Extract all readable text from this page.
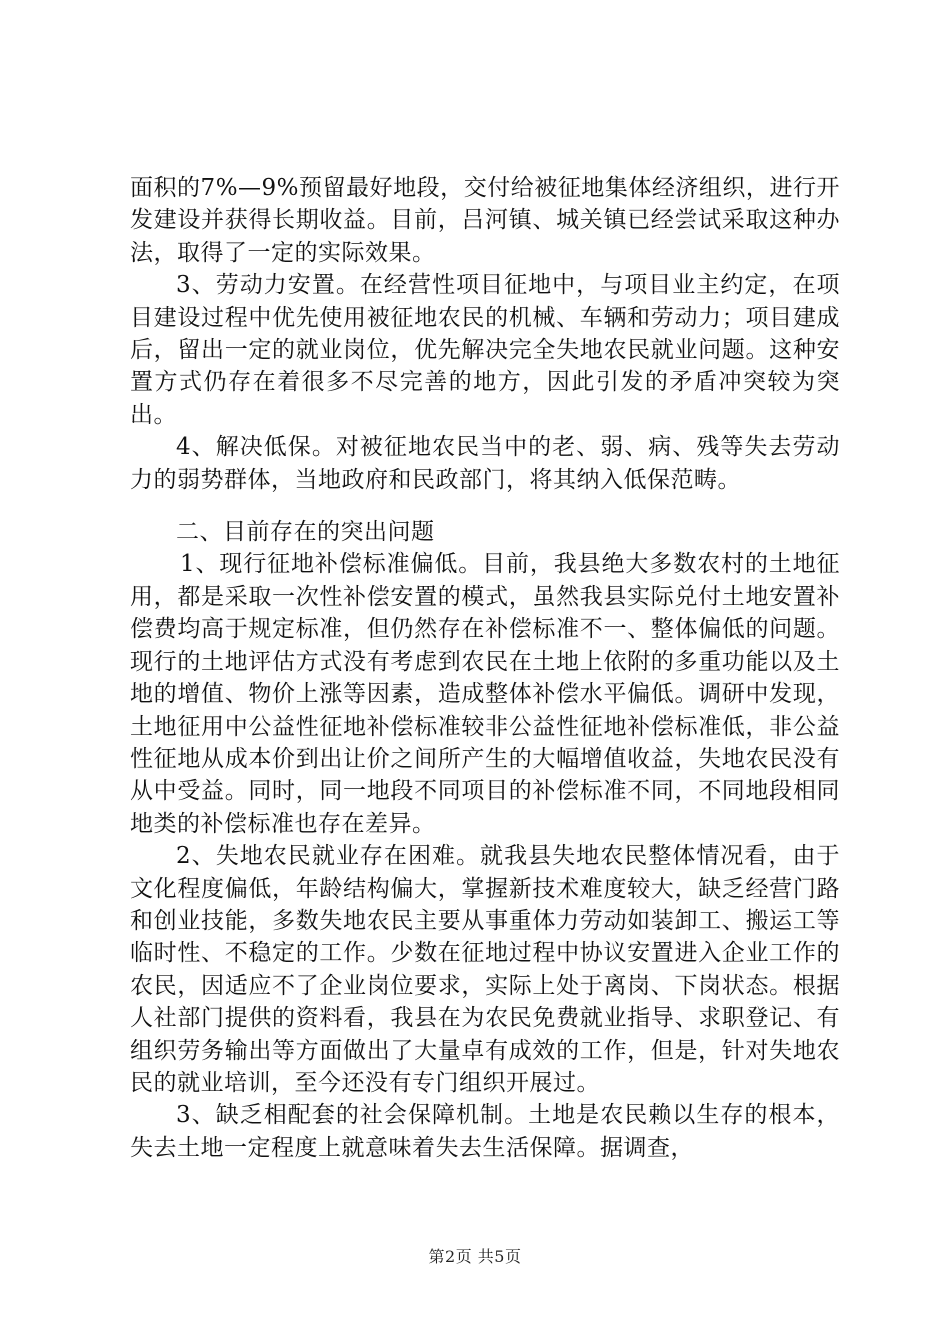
面积的7%—9%预留最好地段，交付给被征地集体经济组织，进行开发建设并获得长期收益。目前，吕河镇、城关镇已经尝试采取这种办法，取得了一定的实际效果。

3、劳动力安置。在经营性项目征地中，与项目业主约定，在项目建设过程中优先使用被征地农民的机械、车辆和劳动力；项目建成后，留出一定的就业岗位，优先解决完全失地农民就业问题。这种安置方式仍存在着很多不尽完善的地方，因此引发的矛盾冲突较为突出。

4、解决低保。对被征地农民当中的老、弱、病、残等失去劳动力的弱势群体，当地政府和民政部门，将其纳入低保范畴。

二、目前存在的突出问题

1、现行征地补偿标准偏低。目前，我县绝大多数农村的土地征用，都是采取一次性补偿安置的模式，虽然我县实际兑付土地安置补偿费均高于规定标准，但仍然存在补偿标准不一、整体偏低的问题。现行的土地评估方式没有考虑到农民在土地上依附的多重功能以及土地的增值、物价上涨等因素，造成整体补偿水平偏低。调研中发现，土地征用中公益性征地补偿标准较非公益性征地补偿标准低，非公益性征地从成本价到出让价之间所产生的大幅增值收益，失地农民没有从中受益。同时，同一地段不同项目的补偿标准不同，不同地段相同地类的补偿标准也存在差异。

2、失地农民就业存在困难。就我县失地农民整体情况看，由于文化程度偏低，年龄结构偏大，掌握新技术难度较大，缺乏经营门路和创业技能，多数失地农民主要从事重体力劳动如装卸工、搬运工等临时性、不稳定的工作。少数在征地过程中协议安置进入企业工作的农民，因适应不了企业岗位要求，实际上处于离岗、下岗状态。根据人社部门提供的资料看，我县在为农民免费就业指导、求职登记、有组织劳务输出等方面做出了大量卓有成效的工作，但是，针对失地农民的就业培训，至今还没有专门组织开展过。

3、缺乏相配套的社会保障机制。土地是农民赖以生存的根本，失去土地一定程度上就意味着失去生活保障。据调查，

第2页 共5页
